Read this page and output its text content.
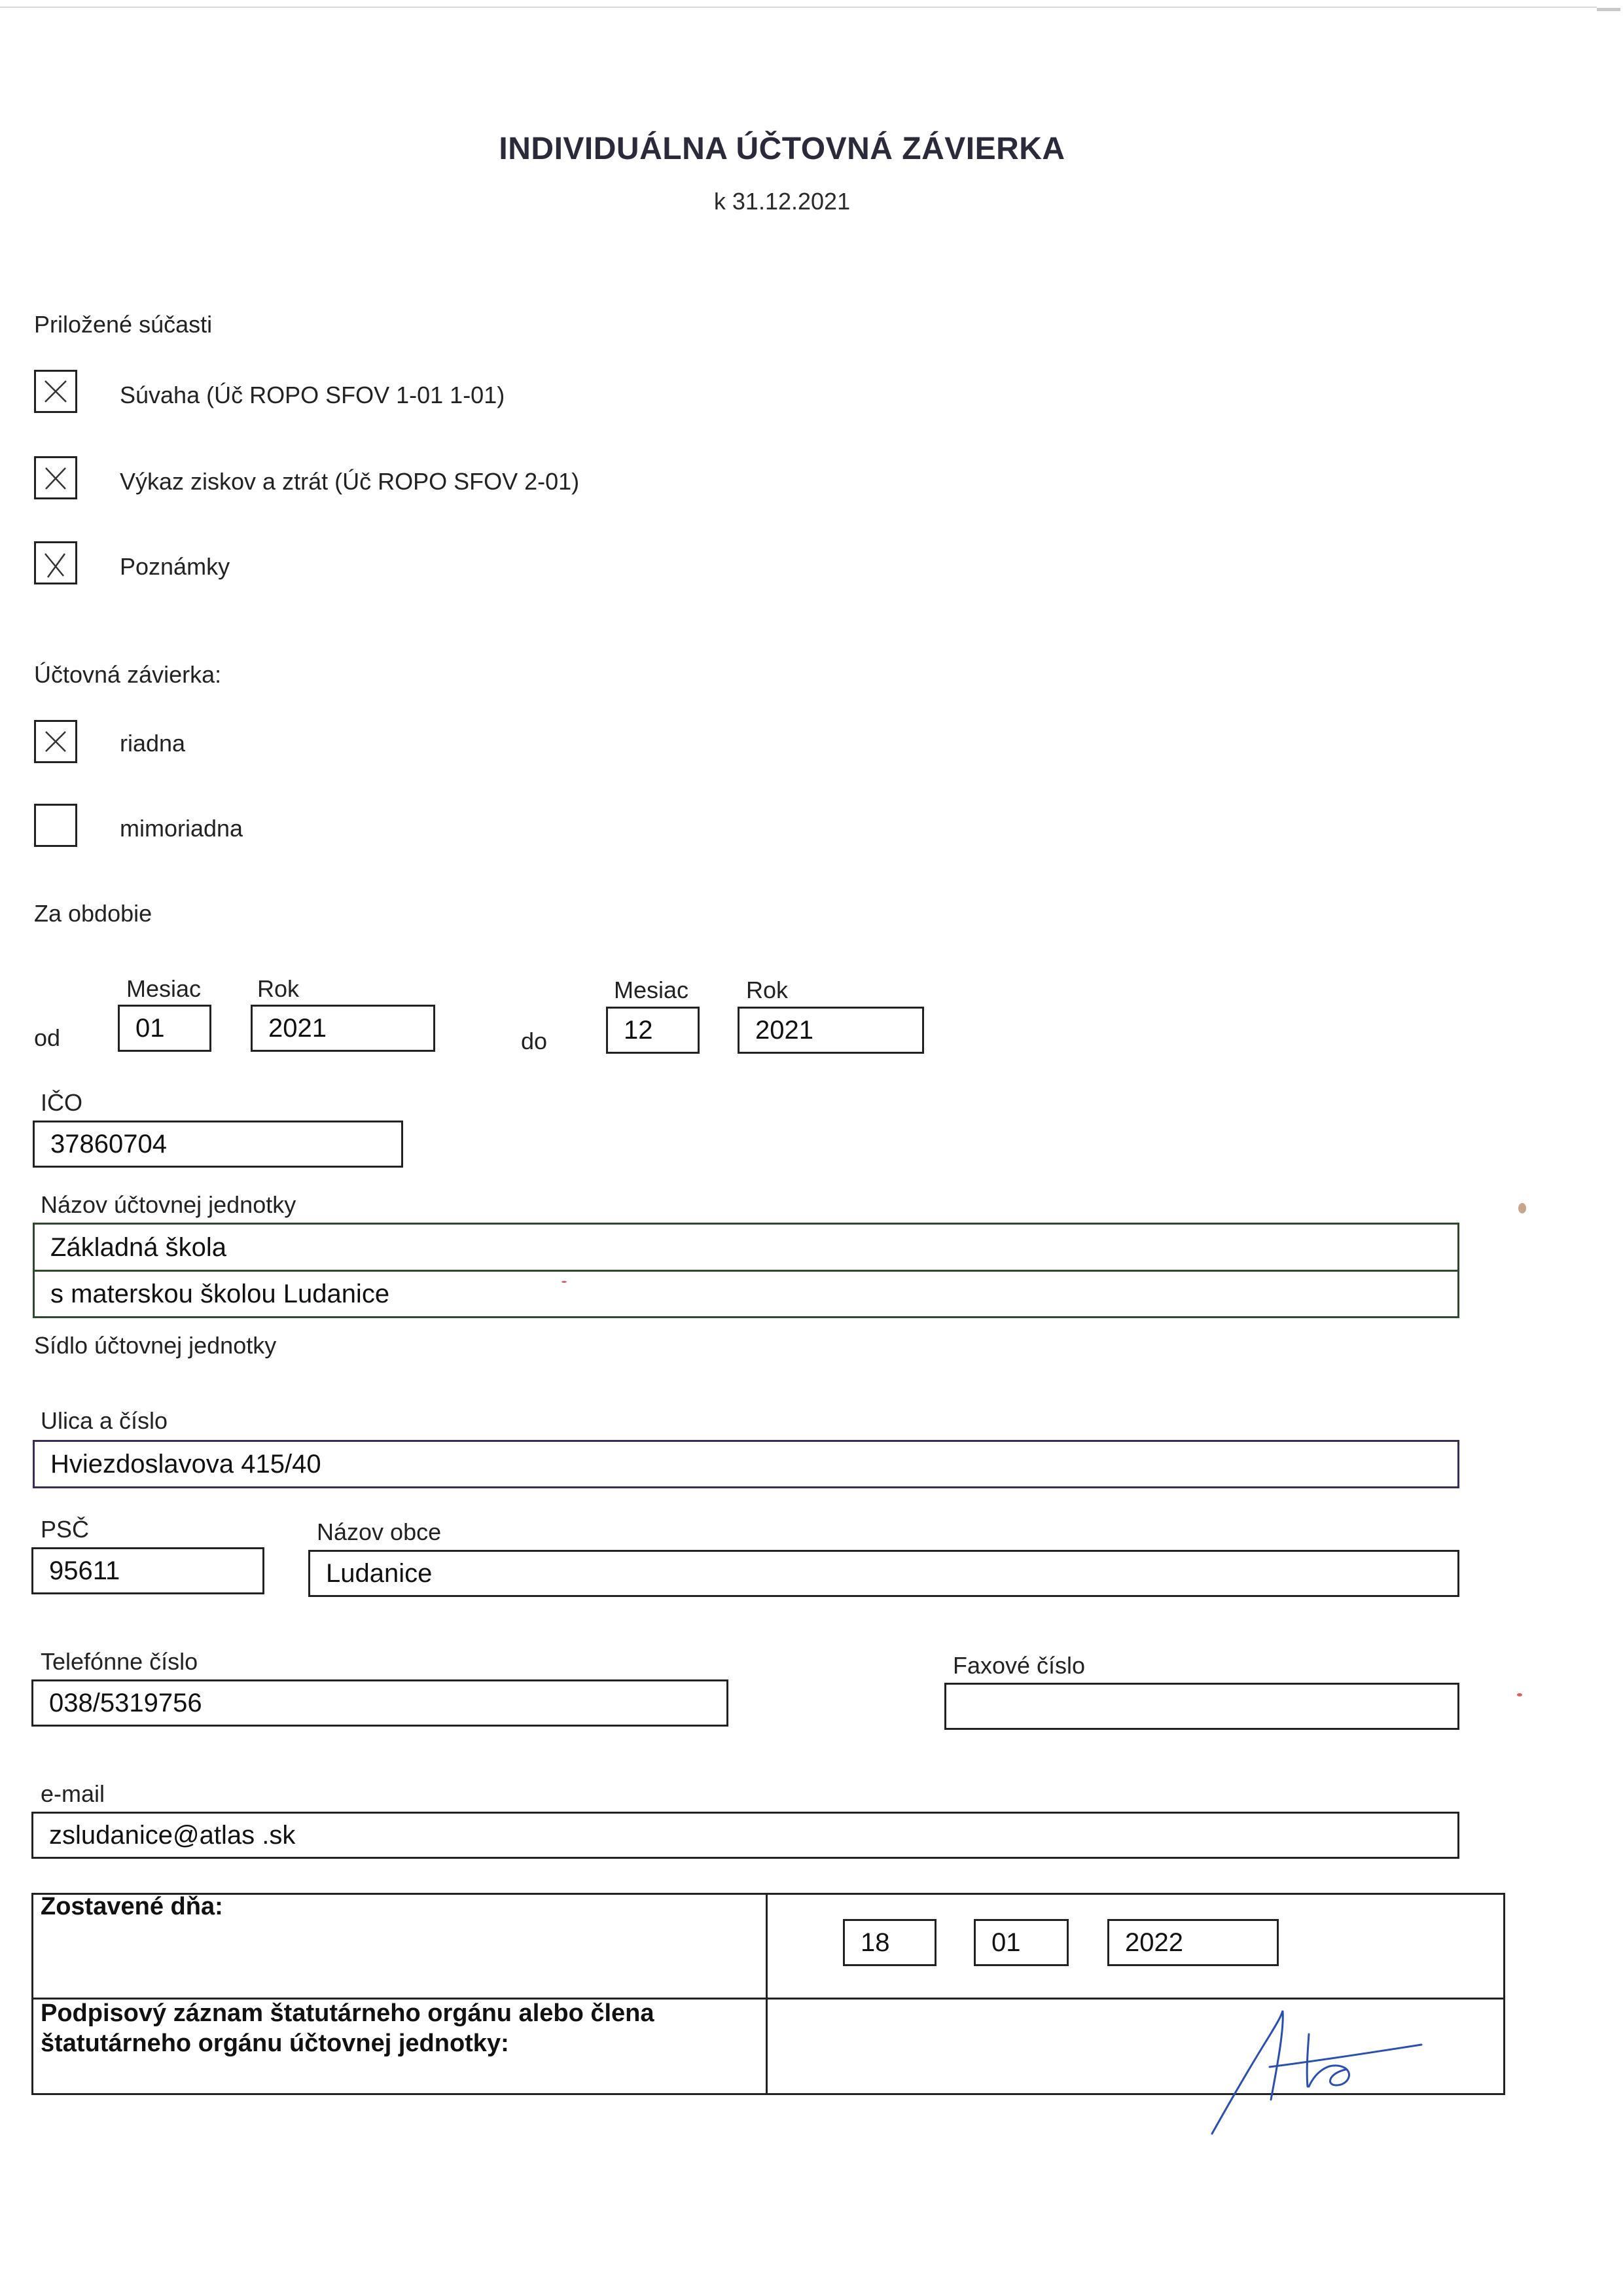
INDIVIDUÁLNA ÚČTOVNÁ ZÁVIERKA
k 31.12.2021
Priložené súčasti
Súvaha (Úč ROPO SFOV 1-01 1-01)
Výkaz ziskov a ztrát (Úč ROPO SFOV 2-01)
Poznámky
Účtovná závierka:
riadna
mimoriadna
Za obdobie
Mesiac Rok
od	01	2021
Mesiac Rok
do	12	2021
IČO
37860704
Názov účtovnej jednotky
Základná škola
s materskou školou Ludanice
Sídlo účtovnej jednotky
Ulica a číslo
Hviezdoslavova 415/40
PSČ
95611
Názov obce
Ludanice
Telefónne číslo
038/5319756
Faxové číslo
e-mail
zsludanice@atlas .sk
Zostavené dňa:
18	01	2022
Podpisový záznam štatutárneho orgánu alebo člena štatutárneho orgánu účtovnej jednotky:
